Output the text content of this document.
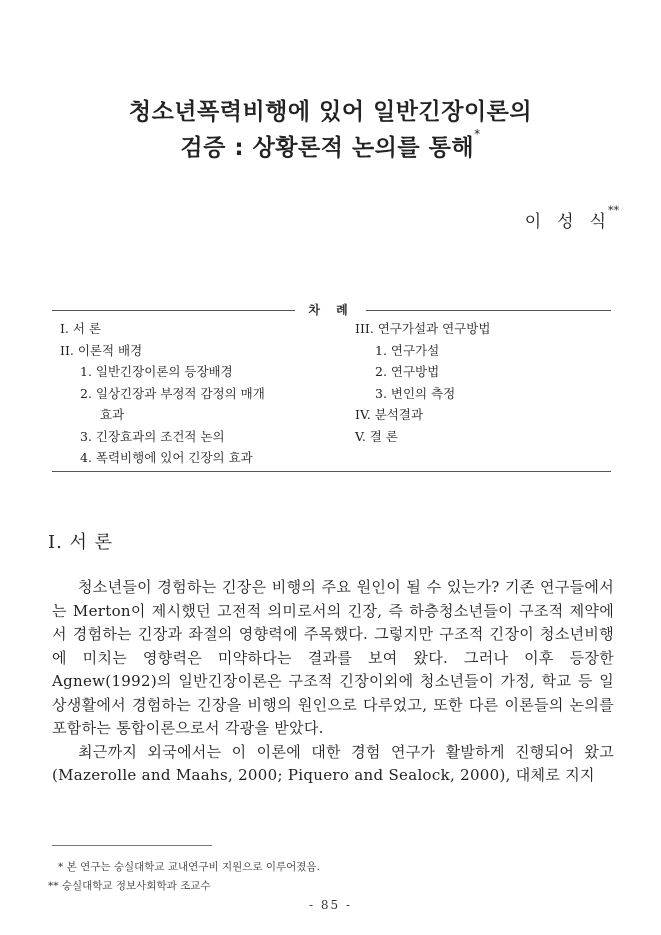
청소년폭력비행에 있어 일반긴장이론의
검증 : 상황론적 논의를 통해*
이 성 식**
차 례
I. 서 론
II. 이론적 배경
1. 일반긴장이론의 등장배경
2. 일상긴장과 부정적 감정의 매개
효과
3. 긴장효과의 조건적 논의
4. 폭력비행에 있어 긴장의 효과
III. 연구가설과 연구방법
1. 연구가설
2. 연구방법
3. 변인의 측정
IV. 분석결과
V. 결 론
I. 서 론

청소년들이 경험하는 긴장은 비행의 주요 원인이 될 수 있는가? 기존 연구들에서는 Merton이 제시했던 고전적 의미로서의 긴장, 즉 하층청소년들이 구조적 제약에서 경험하는 긴장과 좌절의 영향력에 주목했다. 그렇지만 구조적 긴장이 청소년비행에 미치는 영향력은 미약하다는 결과를 보여 왔다. 그러나 이후 등장한 Agnew(1992)의 일반긴장이론은 구조적 긴장이외에 청소년들이 가정, 학교 등 일상생활에서 경험하는 긴장을 비행의 원인으로 다루었고, 또한 다른 이론들의 논의를 포함하는 통합이론으로서 각광을 받았다.

최근까지 외국에서는 이 이론에 대한 경험 연구가 활발하게 진행되어 왔고(Mazerolle and Maahs, 2000; Piquero and Sealock, 2000), 대체로 지지

* 본 연구는 숭실대학교 교내연구비 지원으로 이루어졌음.
** 숭실대학교 정보사회학과 조교수
- 85 -
